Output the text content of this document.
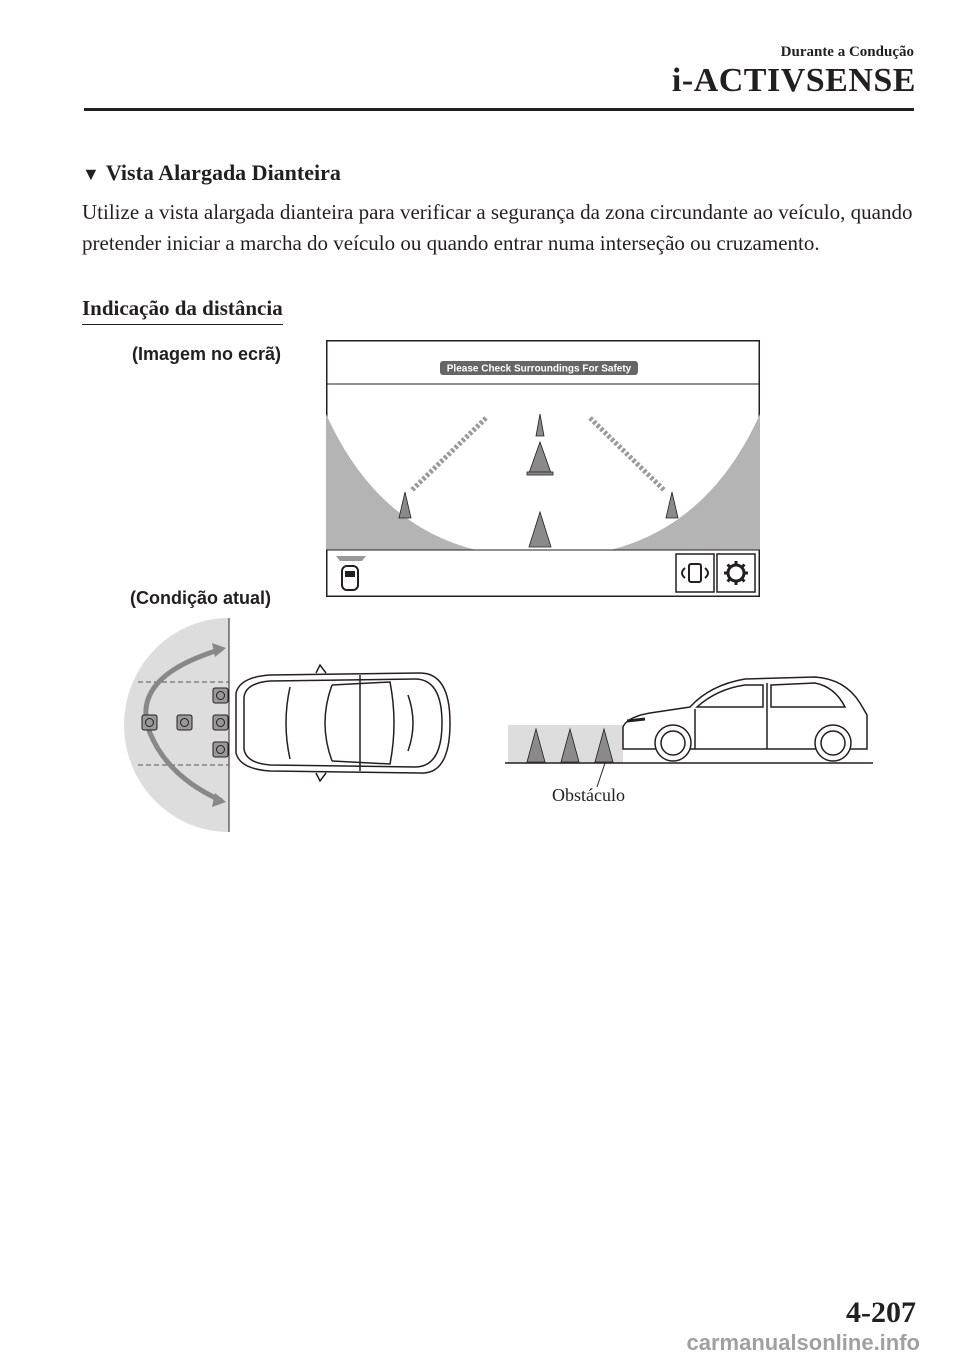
Durante a Condução
i-ACTIVSENSE
▼ Vista Alargada Dianteira
Utilize a vista alargada dianteira para verificar a segurança da zona circundante ao veículo, quando pretender iniciar a marcha do veículo ou quando entrar numa interseção ou cruzamento.
Indicação da distância
(Imagem no ecrã)
(Condição atual)
Please Check Surroundings For Safety
Obstáculo
4-207
carmanualsonline.info
